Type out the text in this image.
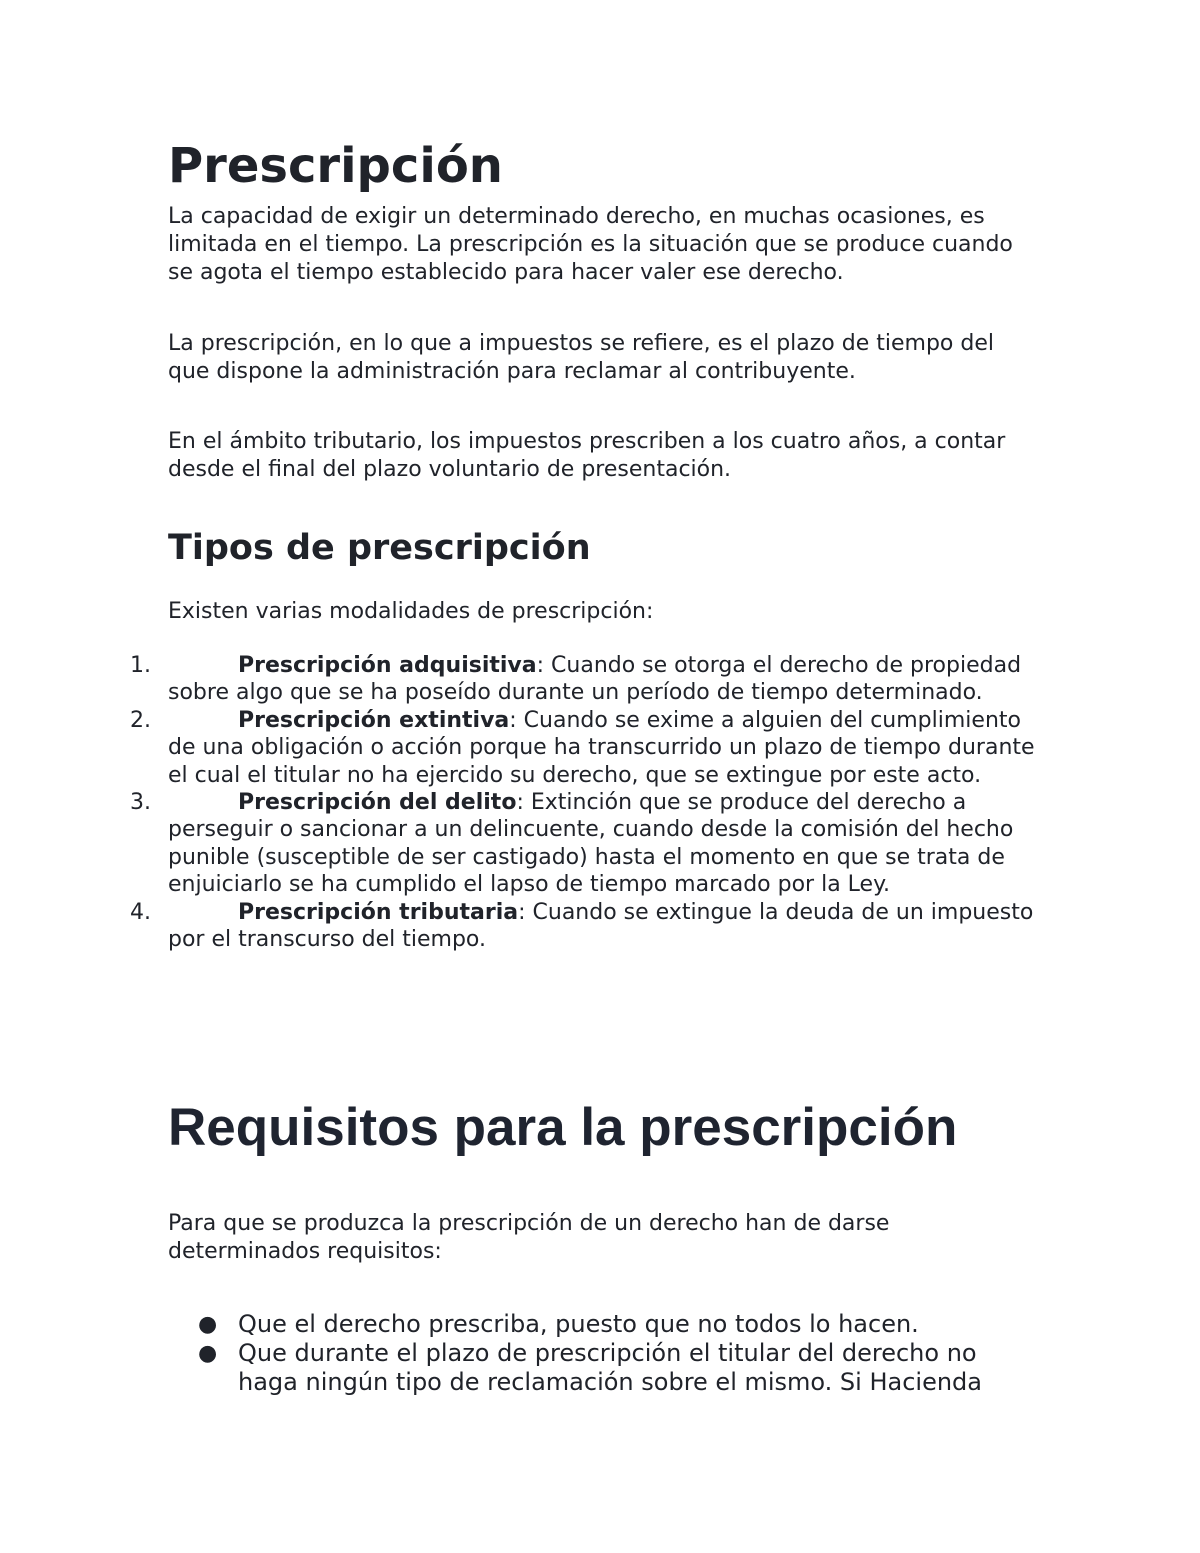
Prescripción

La capacidad de exigir un determinado derecho, en muchas ocasiones, es limitada en el tiempo. La prescripción es la situación que se produce cuando se agota el tiempo establecido para hacer valer ese derecho.

La prescripción, en lo que a impuestos se refiere, es el plazo de tiempo del que dispone la administración para reclamar al contribuyente.

En el ámbito tributario, los impuestos prescriben a los cuatro años, a contar desde el final del plazo voluntario de presentación.

Tipos de prescripción

Existen varias modalidades de prescripción:

1.	Prescripción adquisitiva: Cuando se otorga el derecho de propiedad sobre algo que se ha poseído durante un período de tiempo determinado.
2.	Prescripción extintiva: Cuando se exime a alguien del cumplimiento de una obligación o acción porque ha transcurrido un plazo de tiempo durante el cual el titular no ha ejercido su derecho, que se extingue por este acto.
3.	Prescripción del delito: Extinción que se produce del derecho a perseguir o sancionar a un delincuente, cuando desde la comisión del hecho punible (susceptible de ser castigado) hasta el momento en que se trata de enjuiciarlo se ha cumplido el lapso de tiempo marcado por la Ley.
4.	Prescripción tributaria: Cuando se extingue la deuda de un impuesto por el transcurso del tiempo.
Requisitos para la prescripción

Para que se produzca la prescripción de un derecho han de darse determinados requisitos:

● Que el derecho prescriba, puesto que no todos lo hacen.
● Que durante el plazo de prescripción el titular del derecho no haga ningún tipo de reclamación sobre el mismo. Si Hacienda
